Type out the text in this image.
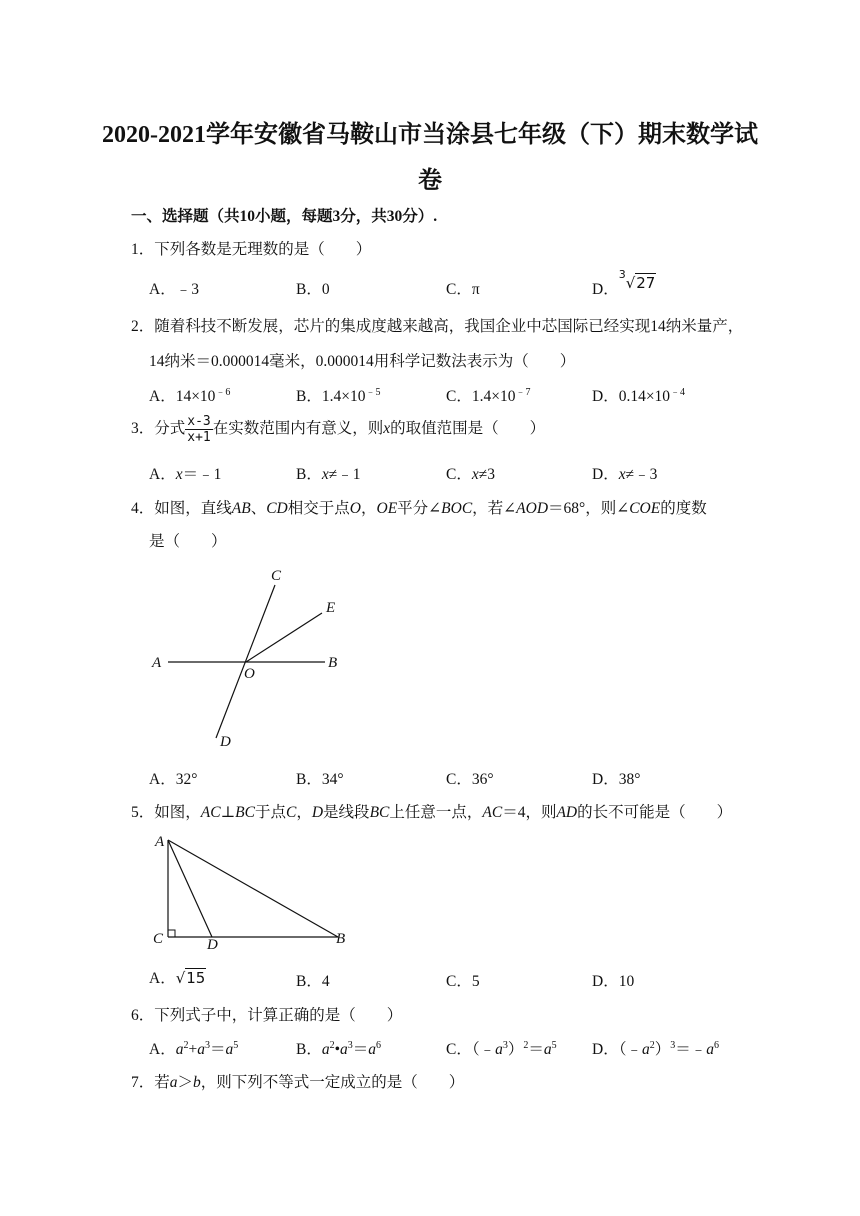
2020-2021学年安徽省马鞍山市当涂县七年级（下）期末数学试
卷
一、选择题（共10小题，每题3分，共30分）.
1．下列各数是无理数的是（　　）
A．﹣3	B．0	C．π	D．$^3$√27
2．随着科技不断发展，芯片的集成度越来越高，我国企业中芯国际已经实现14纳米量产，
14纳米＝0.000014毫米，0.000014用科学记数法表示为（　　）
A．$14\times 10^{﹣6}$	B．$1.4\times 10^{﹣5}$	C．$1.4\times 10^{﹣7}$	D．$0.14\times 10^{﹣4}$
3．分式 $\frac{x-3}{x+1}$ 在实数范围内有意义，则x的取值范围是（　　）
A．x＝﹣1	B．x≠﹣1	C．x≠3	D．x≠﹣3
4．如图，直线AB、CD相交于点O，OE平分∠BOC，若∠AOD＝68°，则∠COE的度数
是（　　）
C
E
A
O
B
D
A．32°	B．34°	C．36°	D．38°
5．如图，AC⊥BC于点C，D是线段BC上任意一点，AC＝4，则AD的长不可能是（　　）
A
C	D	B
A．√15	B．4	C．5	D．10
6．下列式子中，计算正确的是（　　）
A．$a^2+a^3=a^5$	B．$a^2•a^3=a^6$	C．$(﹣a^3)^2=a^5$ D．$(﹣a^2)^3=﹣a^6$
7．若a＞b，则下列不等式一定成立的是（　　）
